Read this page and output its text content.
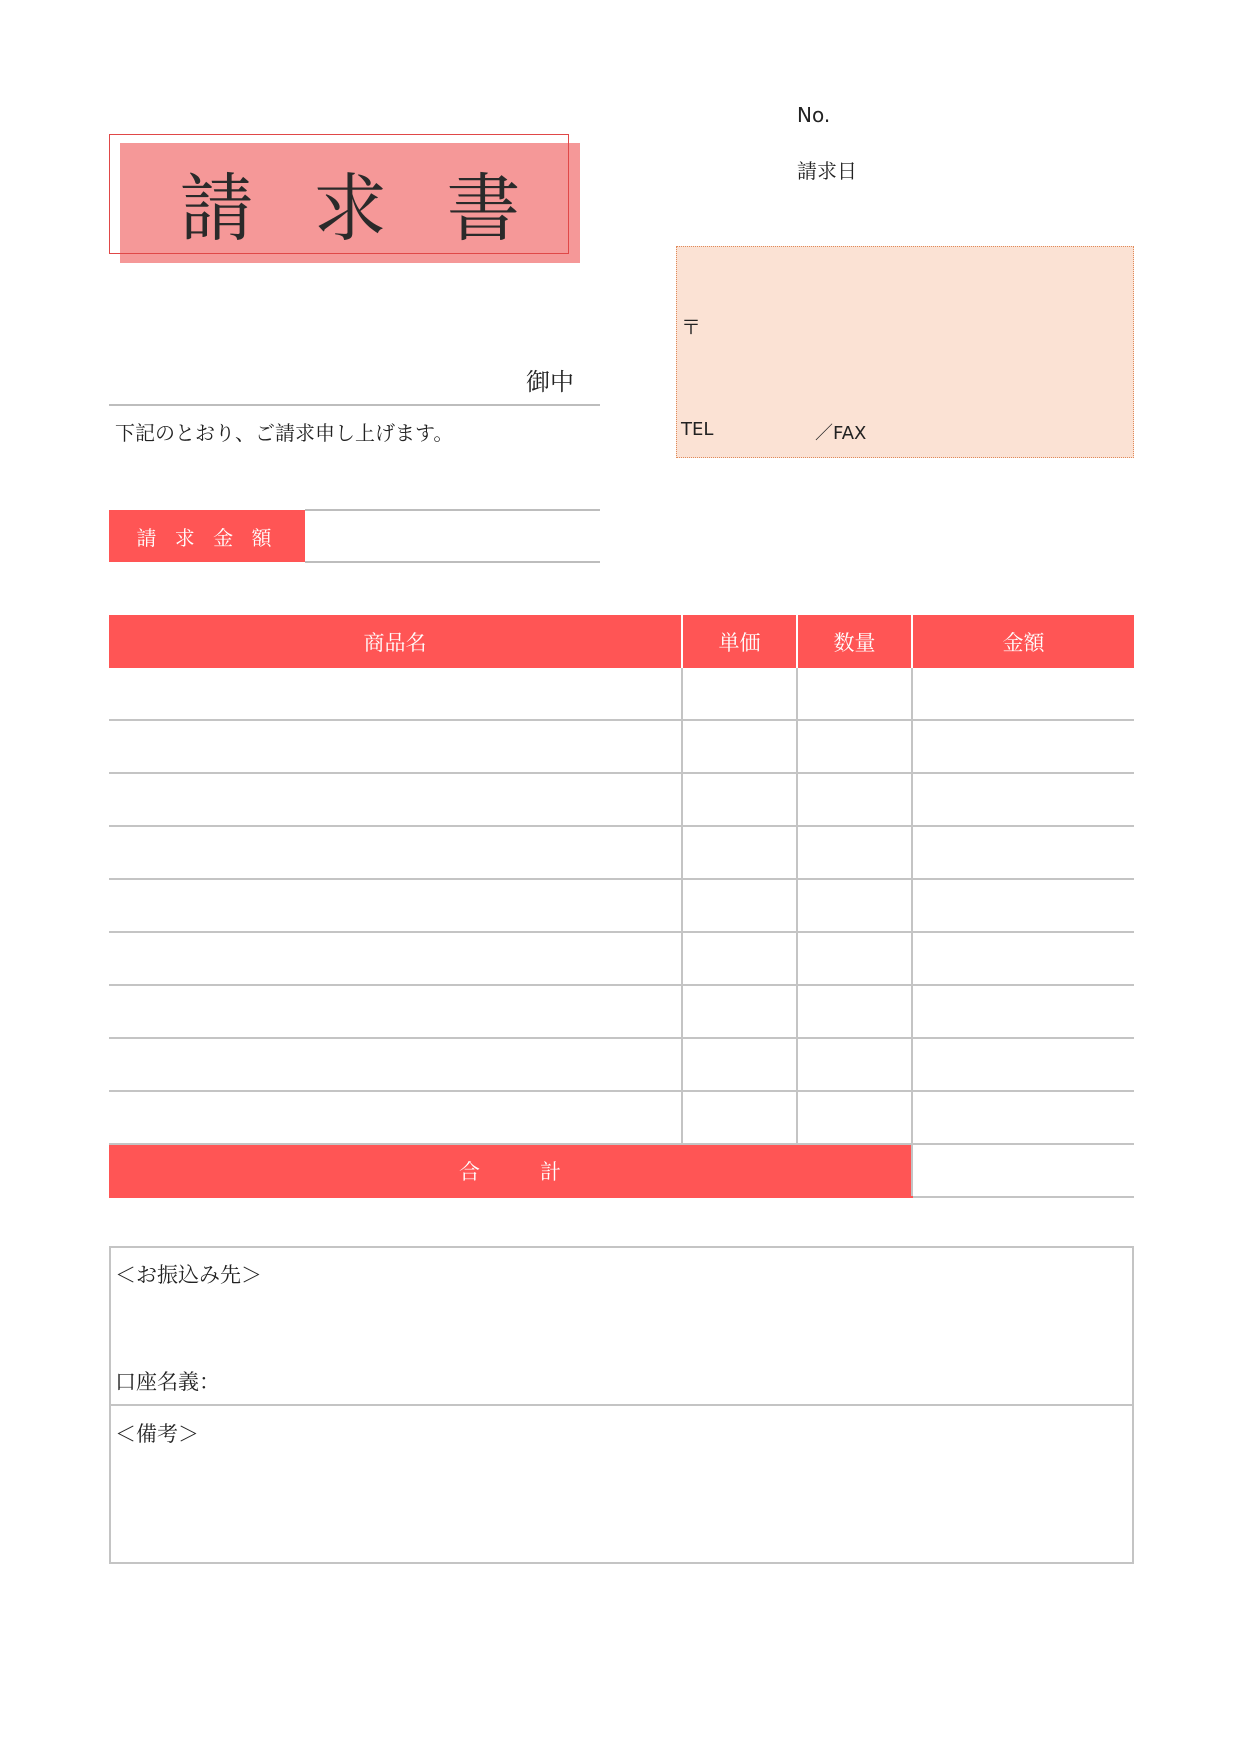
請 求 書
No.
請求日
御中
下記のとおり、ご請求申し上げます。
請 求 金 額
〒
TEL	／FAX
商品名	単価	数量	金額

合 計			
＜お振込み先＞
口座名義：
＜備考＞
